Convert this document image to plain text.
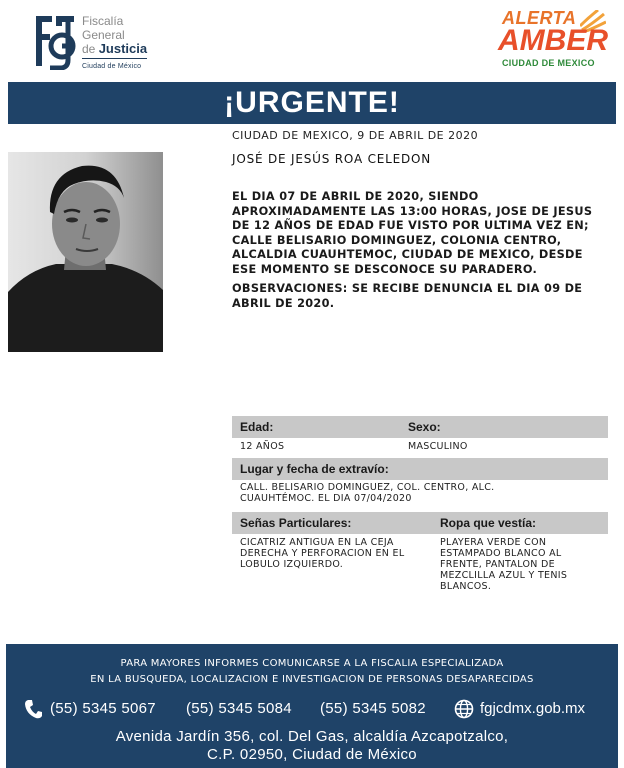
Fiscalía
General
de Justicia
Ciudad de México
ALERTA
AMBER
CIUDAD DE MEXICO
¡URGENTE!
CIUDAD DE MEXICO, 9 DE ABRIL DE 2020
JOSÉ DE JESÚS ROA CELEDON
EL DIA 07 DE ABRIL DE 2020, SIENDO APROXIMADAMENTE LAS 13:00 HORAS, JOSE DE JESUS DE 12 AÑOS DE EDAD FUE VISTO POR ULTIMA VEZ EN; CALLE BELISARIO DOMINGUEZ, COLONIA CENTRO, ALCALDIA CUAUHTEMOC, CIUDAD DE MEXICO, DESDE ESE MOMENTO SE DESCONOCE SU PARADERO.
OBSERVACIONES: SE RECIBE DENUNCIA EL DIA 09 DE ABRIL DE 2020.
Edad:	Sexo:
12 AÑOS	MASCULINO
Lugar y fecha de extravío:
CALL. BELISARIO DOMINGUEZ, COL. CENTRO, ALC. CUAUHTÉMOC. EL DIA 07/04/2020
Señas Particulares:	Ropa que vestía:
CICATRIZ ANTIGUA EN LA CEJA DERECHA Y PERFORACION EN EL LOBULO IZQUIERDO.
PLAYERA VERDE CON ESTAMPADO BLANCO AL FRENTE, PANTALON DE MEZCLILLA AZUL Y TENIS BLANCOS.
PARA MAYORES INFORMES COMUNICARSE A LA FISCALIA ESPECIALIZADA
EN LA BUSQUEDA, LOCALIZACION E INVESTIGACION DE PERSONAS DESAPARECIDAS
(55) 5345 5067 (55) 5345 5084 (55) 5345 5082	fgjcdmx.gob.mx
Avenida Jardín 356, col. Del Gas, alcaldía Azcapotzalco,
C.P. 02950, Ciudad de México
